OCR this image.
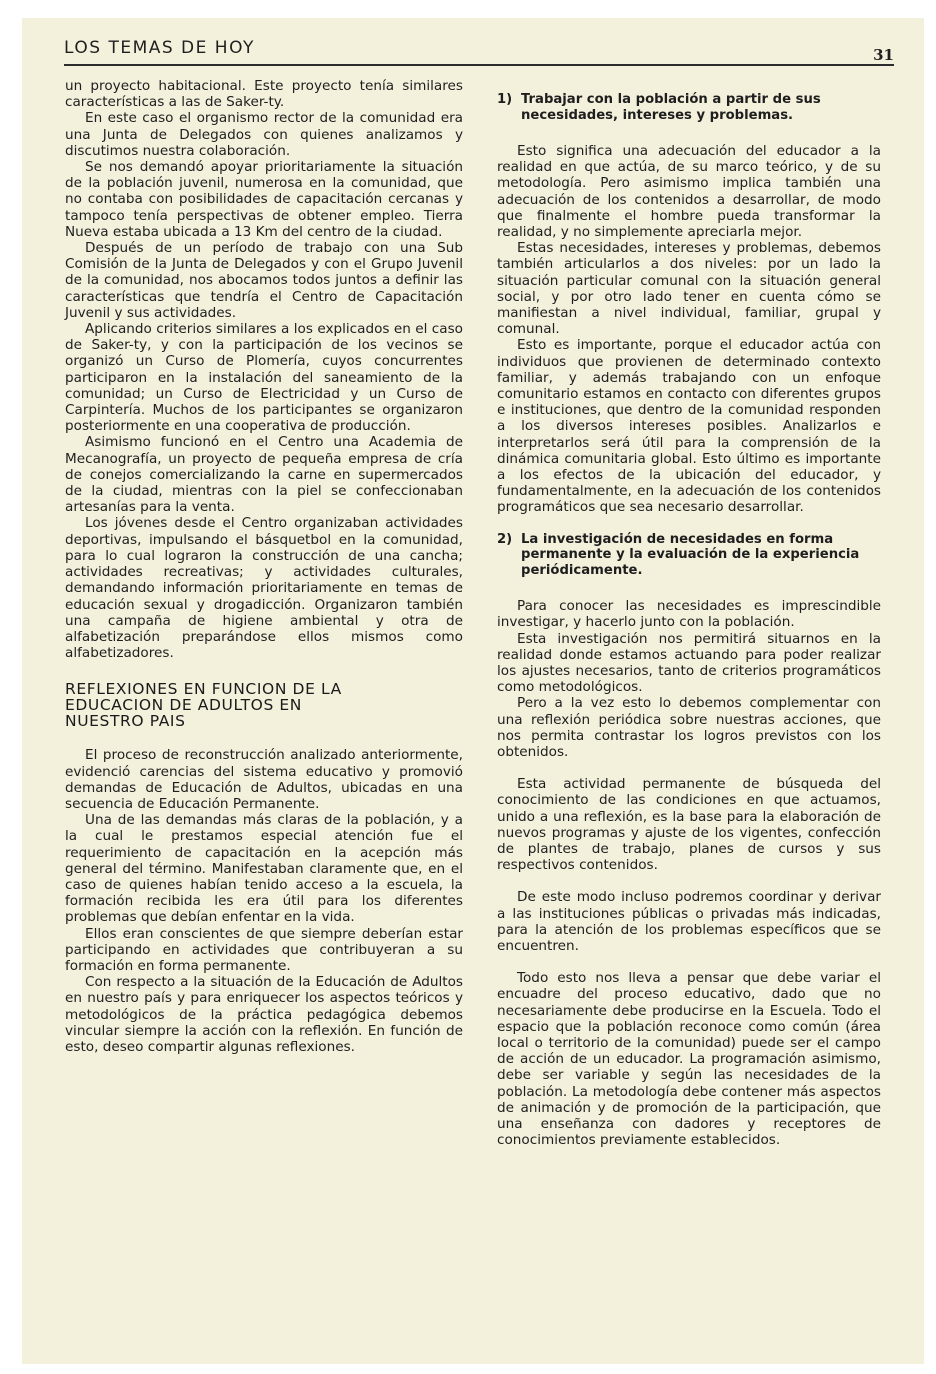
LOS TEMAS DE HOY	31

un proyecto habitacional. Este proyecto tenía similares características a las de Saker-ty.

En este caso el organismo rector de la comunidad era una Junta de Delegados con quienes analizamos y discutimos nuestra colaboración.

Se nos demandó apoyar prioritariamente la situación de la población juvenil, numerosa en la comunidad, que no contaba con posibilidades de capacitación cercanas y tampoco tenía perspectivas de obtener empleo. Tierra Nueva estaba ubicada a 13 Km del centro de la ciudad.

Después de un período de trabajo con una Sub Comisión de la Junta de Delegados y con el Grupo Juvenil de la comunidad, nos abocamos todos juntos a definir las características que tendría el Centro de Capacitación Juvenil y sus actividades.

Aplicando criterios similares a los explicados en el caso de Saker-ty, y con la participación de los vecinos se organizó un Curso de Plomería, cuyos concurrentes participaron en la instalación del saneamiento de la comunidad; un Curso de Electricidad y un Curso de Carpintería. Muchos de los participantes se organizaron posteriormente en una cooperativa de producción.

Asimismo funcionó en el Centro una Academia de Mecanografía, un proyecto de pequeña empresa de cría de conejos comercializando la carne en supermercados de la ciudad, mientras con la piel se confeccionaban artesanías para la venta.

Los jóvenes desde el Centro organizaban actividades deportivas, impulsando el básquetbol en la comunidad, para lo cual lograron la construcción de una cancha; actividades recreativas; y actividades culturales, demandando información prioritariamente en temas de educación sexual y drogadicción. Organizaron también una campaña de higiene ambiental y otra de alfabetización preparándose ellos mismos como alfabetizadores.

REFLEXIONES EN FUNCION DE LA
EDUCACION DE ADULTOS EN
NUESTRO PAIS

El proceso de reconstrucción analizado anteriormente, evidenció carencias del sistema educativo y promovió demandas de Educación de Adultos, ubicadas en una secuencia de Educación Permanente.

Una de las demandas más claras de la población, y a la cual le prestamos especial atención fue el requerimiento de capacitación en la acepción más general del término. Manifestaban claramente que, en el caso de quienes habían tenido acceso a la escuela, la formación recibida les era útil para los diferentes problemas que debían enfentar en la vida.

Ellos eran conscientes de que siempre deberían estar participando en actividades que contribuyeran a su formación en forma permanente.

Con respecto a la situación de la Educación de Adultos en nuestro país y para enriquecer los aspectos teóricos y metodológicos de la práctica pedagógica debemos vincular siempre la acción con la reflexión. En función de esto, deseo compartir algunas reflexiones.

1) Trabajar con la población a partir de sus necesidades, intereses y problemas.

Esto significa una adecuación del educador a la realidad en que actúa, de su marco teórico, y de su metodología. Pero asimismo implica también una adecuación de los contenidos a desarrollar, de modo que finalmente el hombre pueda transformar la realidad, y no simplemente apreciarla mejor.

Estas necesidades, intereses y problemas, debemos también articularlos a dos niveles: por un lado la situación particular comunal con la situación general social, y por otro lado tener en cuenta cómo se manifiestan a nivel individual, familiar, grupal y comunal.

Esto es importante, porque el educador actúa con individuos que provienen de determinado contexto familiar, y además trabajando con un enfoque comunitario estamos en contacto con diferentes grupos e instituciones, que dentro de la comunidad responden a los diversos intereses posibles. Analizarlos e interpretarlos será útil para la comprensión de la dinámica comunitaria global. Esto último es importante a los efectos de la ubicación del educador, y fundamentalmente, en la adecuación de los contenidos programáticos que sea necesario desarrollar.

2) La investigación de necesidades en forma permanente y la evaluación de la experiencia periódicamente.

Para conocer las necesidades es imprescindible investigar, y hacerlo junto con la población.

Esta investigación nos permitirá situarnos en la realidad donde estamos actuando para poder realizar los ajustes necesarios, tanto de criterios programáticos como metodológicos.

Pero a la vez esto lo debemos complementar con una reflexión periódica sobre nuestras acciones, que nos permita contrastar los logros previstos con los obtenidos.

Esta actividad permanente de búsqueda del conocimiento de las condiciones en que actuamos, unido a una reflexión, es la base para la elaboración de nuevos programas y ajuste de los vigentes, confección de plantes de trabajo, planes de cursos y sus respectivos contenidos.

De este modo incluso podremos coordinar y derivar a las instituciones públicas o privadas más indicadas, para la atención de los problemas específicos que se encuentren.

Todo esto nos lleva a pensar que debe variar el encuadre del proceso educativo, dado que no necesariamente debe producirse en la Escuela. Todo el espacio que la población reconoce como común (área local o territorio de la comunidad) puede ser el campo de acción de un educador. La programación asimismo, debe ser variable y según las necesidades de la población. La metodología debe contener más aspectos de animación y de promoción de la participación, que una enseñanza con dadores y receptores de conocimientos previamente establecidos.
